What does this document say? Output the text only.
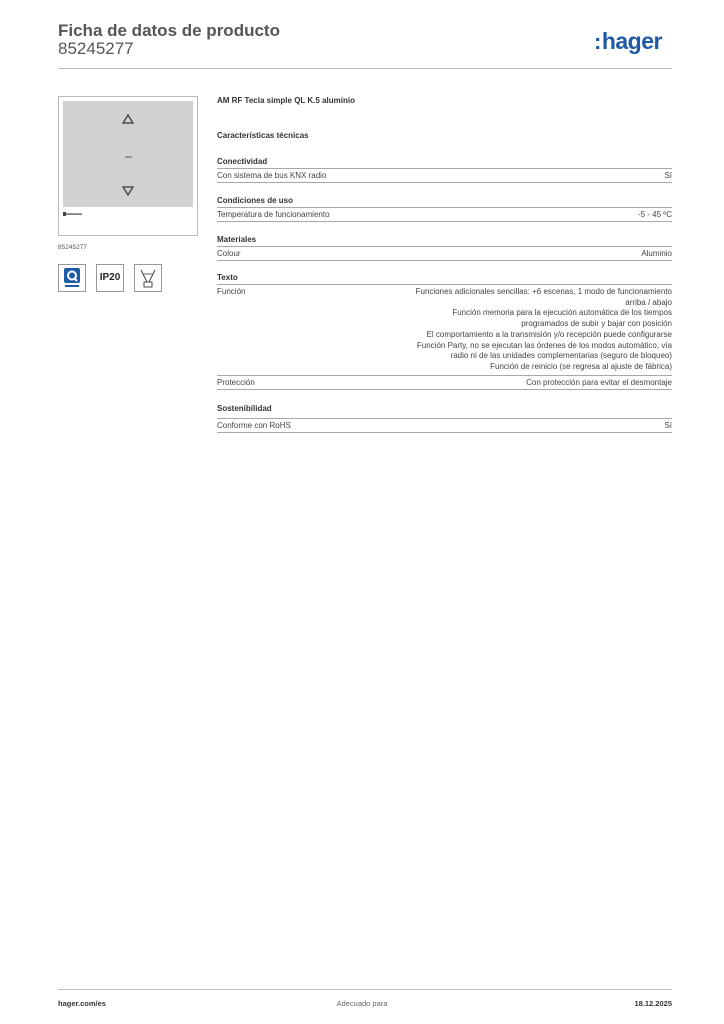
Ficha de datos de producto
85245277	:hager
85245277
IP20
AM RF Tecla simple QL K.5 aluminio
Características técnicas
Conectividad
Con sistema de bus KNX radio	Sí
Condiciones de uso
Temperatura de funcionamiento	-5 - 45 ºC
Materiales
Colour	Aluminio
Texto
Función	Funciones adicionales sencillas: +6 escenas, 1 modo de funcionamiento
arriba / abajo
Función memoria para la ejecución automática de los tiempos
programados de subir y bajar con posición
El comportamiento a la transmisión y/o recepción puede configurarse
Función Party, no se ejecutan las órdenes de los modos automático, vía
radio ni de las unidades complementarias (seguro de bloqueo)
Función de reinicio (se regresa al ajuste de fábrica)
Protección	Con protección para evitar el desmontaje
Sostenibilidad
Conforme con RoHS	Sí
hager.com/es	Adecuado para	18.12.2025
